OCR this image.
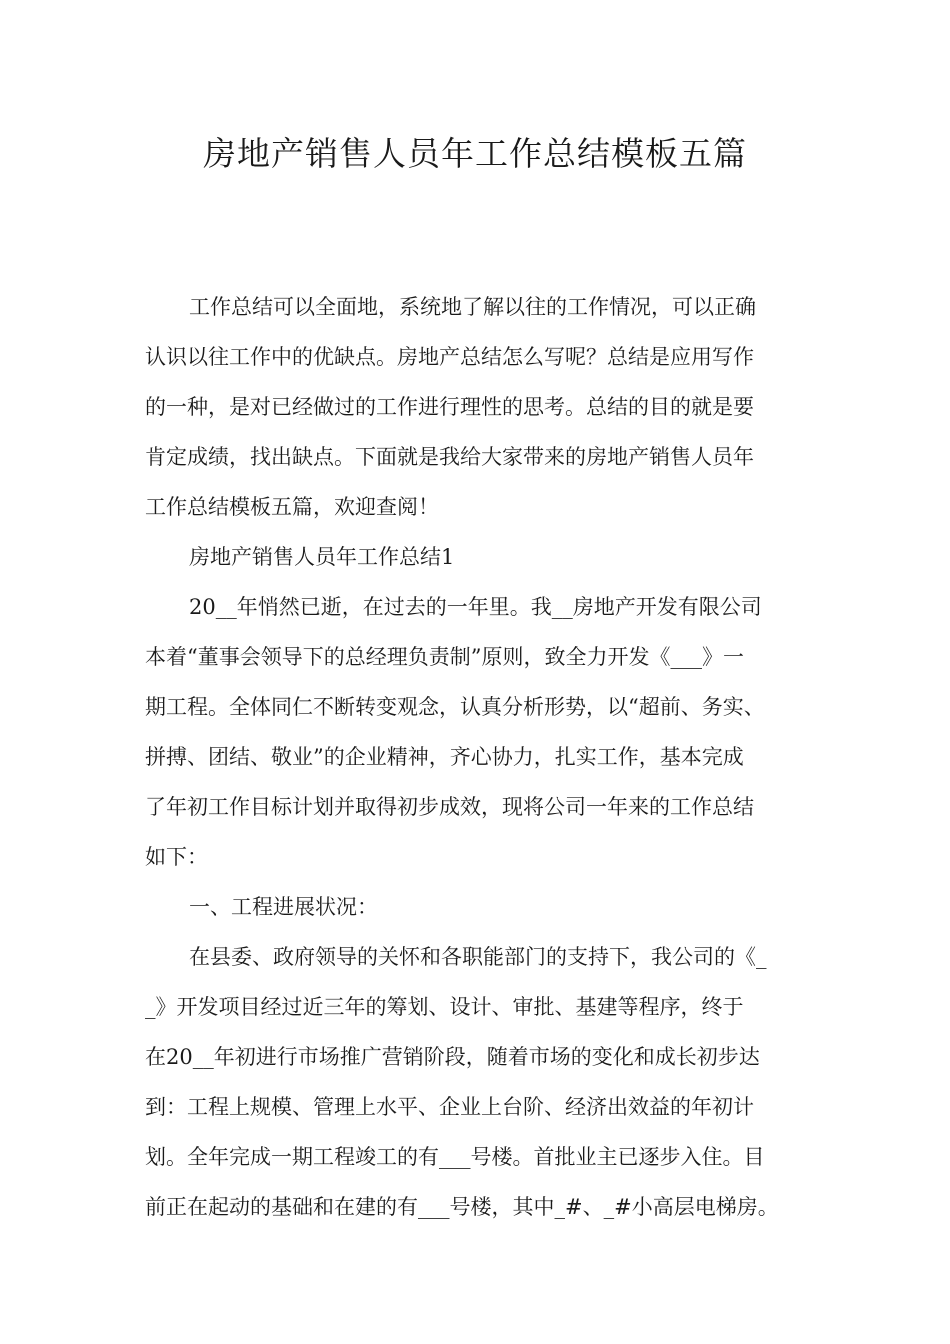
房地产销售人员年工作总结模板五篇
工作总结可以全面地，系统地了解以往的工作情况，可以正确
认识以往工作中的优缺点。房地产总结怎么写呢？总结是应用写作
的一种，是对已经做过的工作进行理性的思考。总结的目的就是要
肯定成绩，找出缺点。下面就是我给大家带来的房地产销售人员年
工作总结模板五篇，欢迎查阅！
房地产销售人员年工作总结1
20__年悄然已逝，在过去的一年里。我__房地产开发有限公司
本着“董事会领导下的总经理负责制”原则，致全力开发《___》一
期工程。全体同仁不断转变观念，认真分析形势，以“超前、务实、
拼搏、团结、敬业”的企业精神，齐心协力，扎实工作，基本完成
了年初工作目标计划并取得初步成效，现将公司一年来的工作总结
如下：
一、工程进展状况：
在县委、政府领导的关怀和各职能部门的支持下，我公司的《_
_》开发项目经过近三年的筹划、设计、审批、基建等程序，终于
在20__年初进行市场推广营销阶段，随着市场的变化和成长初步达
到：工程上规模、管理上水平、企业上台阶、经济出效益的年初计
划。全年完成一期工程竣工的有___号楼。首批业主已逐步入住。目
前正在起动的基础和在建的有___号楼，其中_#、_#小高层电梯房。
